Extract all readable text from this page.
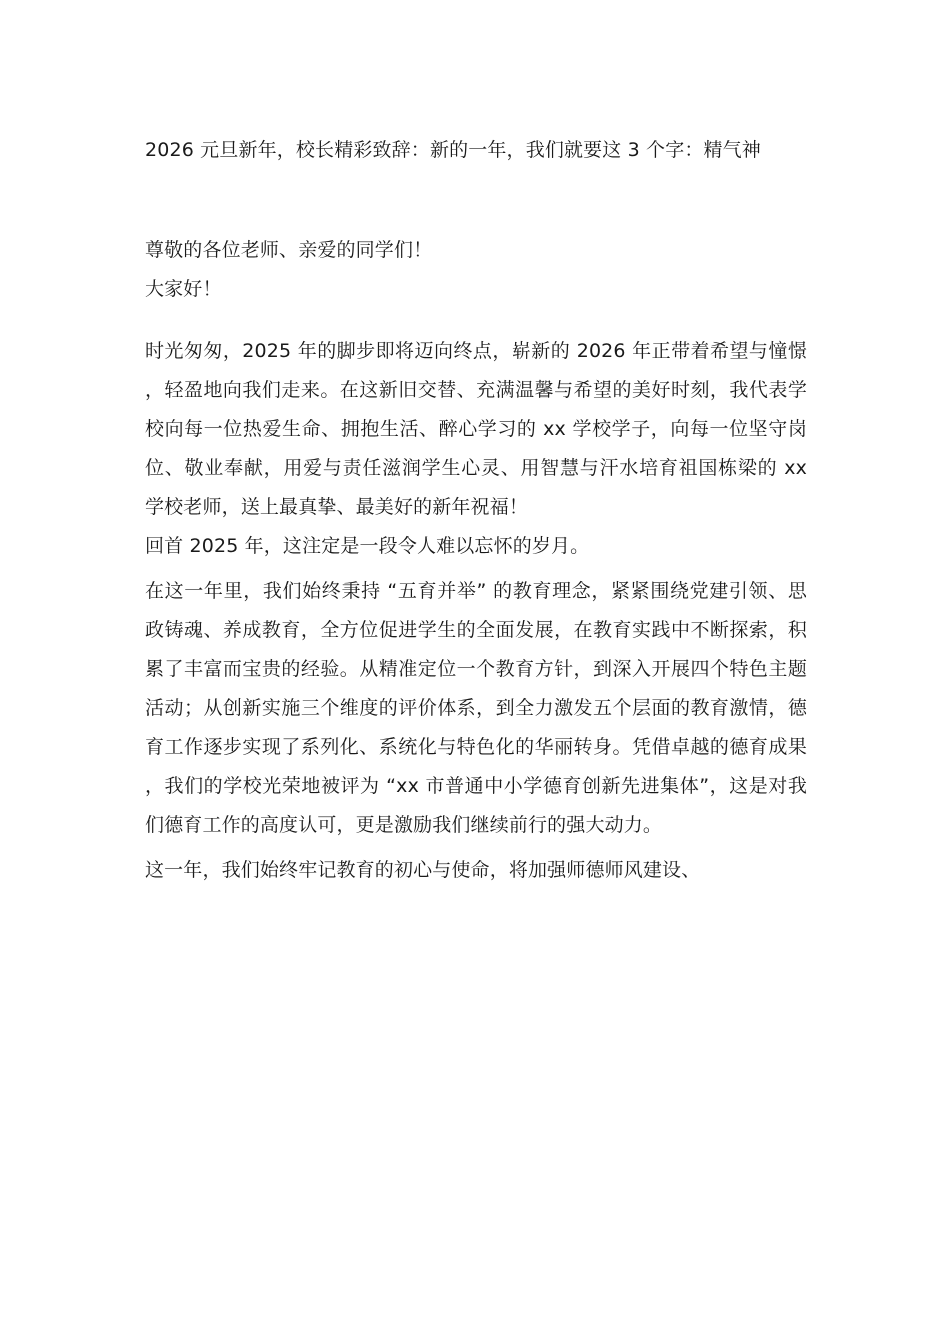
2026 元旦新年，校长精彩致辞：新的一年，我们就要这 3 个字：精气神

尊敬的各位老师、亲爱的同学们！

大家好！

时光匆匆，2025 年的脚步即将迈向终点，崭新的 2026 年正带着希望与憧憬，轻盈地向我们走来。在这新旧交替、充满温馨与希望的美好时刻，我代表学校向每一位热爱生命、拥抱生活、醉心学习的 xx 学校学子，向每一位坚守岗位、敬业奉献，用爱与责任滋润学生心灵、用智慧与汗水培育祖国栋梁的 xx 学校老师，送上最真挚、最美好的新年祝福！

回首 2025 年，这注定是一段令人难以忘怀的岁月。

在这一年里，我们始终秉持 “五育并举” 的教育理念，紧紧围绕党建引领、思政铸魂、养成教育，全方位促进学生的全面发展，在教育实践中不断探索，积累了丰富而宝贵的经验。从精准定位一个教育方针，到深入开展四个特色主题活动；从创新实施三个维度的评价体系，到全力激发五个层面的教育激情，德育工作逐步实现了系列化、系统化与特色化的华丽转身。凭借卓越的德育成果，我们的学校光荣地被评为 “xx 市普通中小学德育创新先进集体”，这是对我们德育工作的高度认可，更是激励我们继续前行的强大动力。

这一年，我们始终牢记教育的初心与使命，将加强师德师风建设、
